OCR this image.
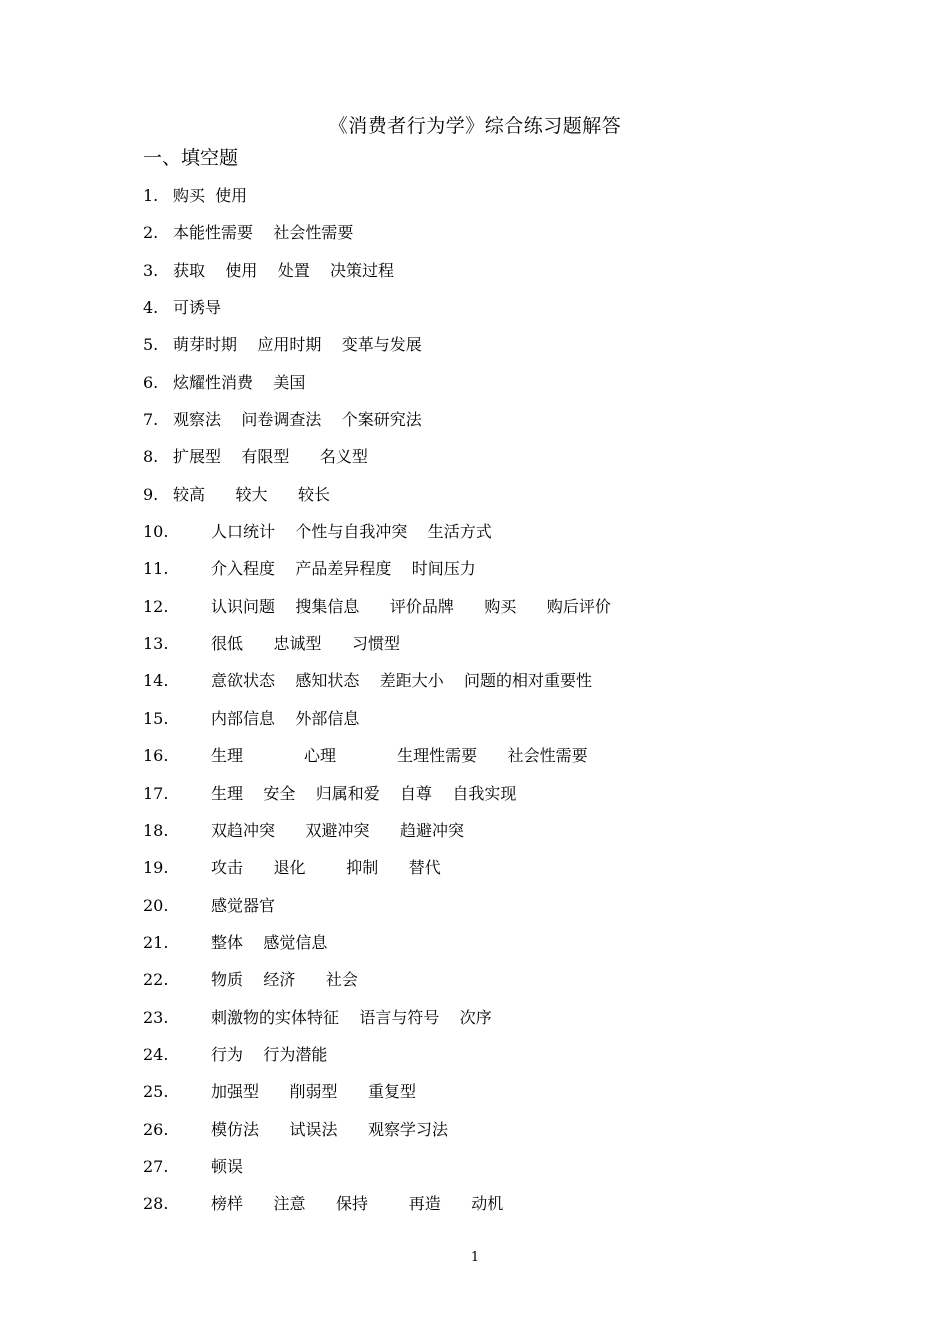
《消费者行为学》综合练习题解答
一、填空题
1. 购买  使用
2. 本能性需要    社会性需要
3. 获取    使用    处置    决策过程
4. 可诱导
5. 萌芽时期    应用时期    变革与发展
6. 炫耀性消费    美国
7. 观察法    问卷调查法    个案研究法
8. 扩展型    有限型      名义型
9. 较高      较大      较长
10.	人口统计    个性与自我冲突    生活方式
11.	介入程度    产品差异程度    时间压力
12.	认识问题    搜集信息      评价品牌      购买      购后评价
13.	很低      忠诚型      习惯型
14.	意欲状态    感知状态    差距大小    问题的相对重要性
15.	内部信息    外部信息
16.	生理            心理            生理性需要      社会性需要
17.	生理    安全    归属和爱    自尊    自我实现
18.	双趋冲突      双避冲突      趋避冲突
19.	攻击      退化        抑制      替代
20.	感觉器官
21.	整体    感觉信息
22.	物质    经济      社会
23.	刺激物的实体特征    语言与符号    次序
24.	行为    行为潜能
25.	加强型      削弱型      重复型
26.	模仿法      试误法      观察学习法
27.	顿误
28.	榜样      注意      保持        再造      动机
1
